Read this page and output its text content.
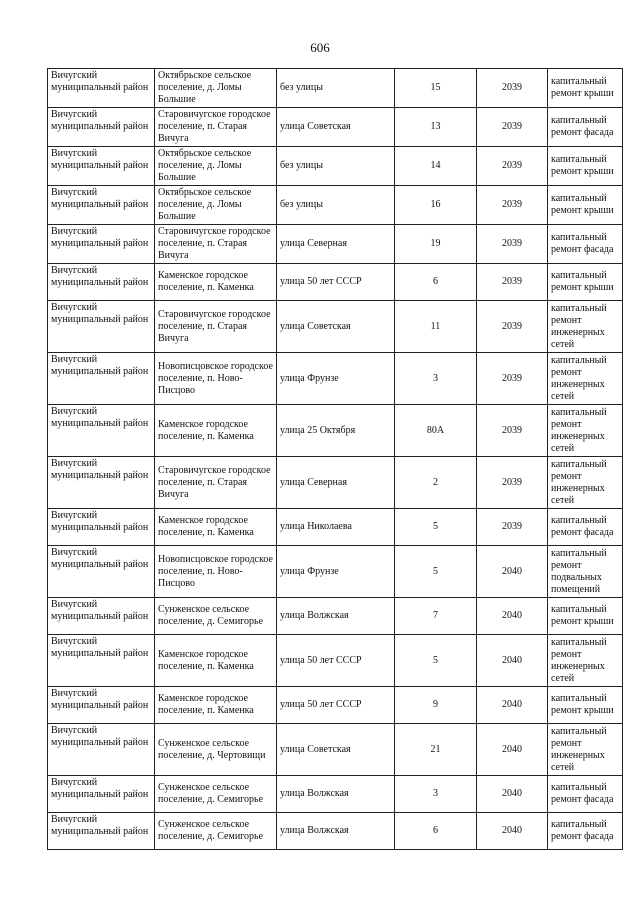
606
Вичугский муниципальный район	Октябрьское сельское поселение, д. Ломы Большие	без улицы	15	2039	капитальный ремонт крыши
Вичугский муниципальный район	Старовичугское городское поселение, п. Старая Вичуга	улица Советская	13	2039	капитальный ремонт фасада
Вичугский муниципальный район	Октябрьское сельское поселение, д. Ломы Большие	без улицы	14	2039	капитальный ремонт крыши
Вичугский муниципальный район	Октябрьское сельское поселение, д. Ломы Большие	без улицы	16	2039	капитальный ремонт крыши
Вичугский муниципальный район	Старовичугское городское поселение, п. Старая Вичуга	улица Северная	19	2039	капитальный ремонт фасада
Вичугский муниципальный район	Каменское городское поселение, п. Каменка	улица 50 лет СССР	6	2039	капитальный ремонт крыши
Вичугский муниципальный район	Старовичугское городское поселение, п. Старая Вичуга	улица Советская	11	2039	капитальный ремонт инженерных сетей
Вичугский муниципальный район	Новописцовское городское поселение, п. Ново-Писцово	улица Фрунзе	3	2039	капитальный ремонт инженерных сетей
Вичугский муниципальный район	Каменское городское поселение, п. Каменка	улица 25 Октября	80А	2039	капитальный ремонт инженерных сетей
Вичугский муниципальный район	Старовичугское городское поселение, п. Старая Вичуга	улица Северная	2	2039	капитальный ремонт инженерных сетей
Вичугский муниципальный район	Каменское городское поселение, п. Каменка	улица Николаева	5	2039	капитальный ремонт фасада
Вичугский муниципальный район	Новописцовское городское поселение, п. Ново-Писцово	улица Фрунзе	5	2040	капитальный ремонт подвальных помещений
Вичугский муниципальный район	Сунженское сельское поселение, д. Семигорье	улица Волжская	7	2040	капитальный ремонт крыши
Вичугский муниципальный район	Каменское городское поселение, п. Каменка	улица 50 лет СССР	5	2040	капитальный ремонт инженерных сетей
Вичугский муниципальный район	Каменское городское поселение, п. Каменка	улица 50 лет СССР	9	2040	капитальный ремонт крыши
Вичугский муниципальный район	Сунженское сельское поселение, д. Чертовищи	улица Советская	21	2040	капитальный ремонт инженерных сетей
Вичугский муниципальный район	Сунженское сельское поселение, д. Семигорье	улица Волжская	3	2040	капитальный ремонт фасада
Вичугский муниципальный район	Сунженское сельское поселение, д. Семигорье	улица Волжская	6	2040	капитальный ремонт фасада
